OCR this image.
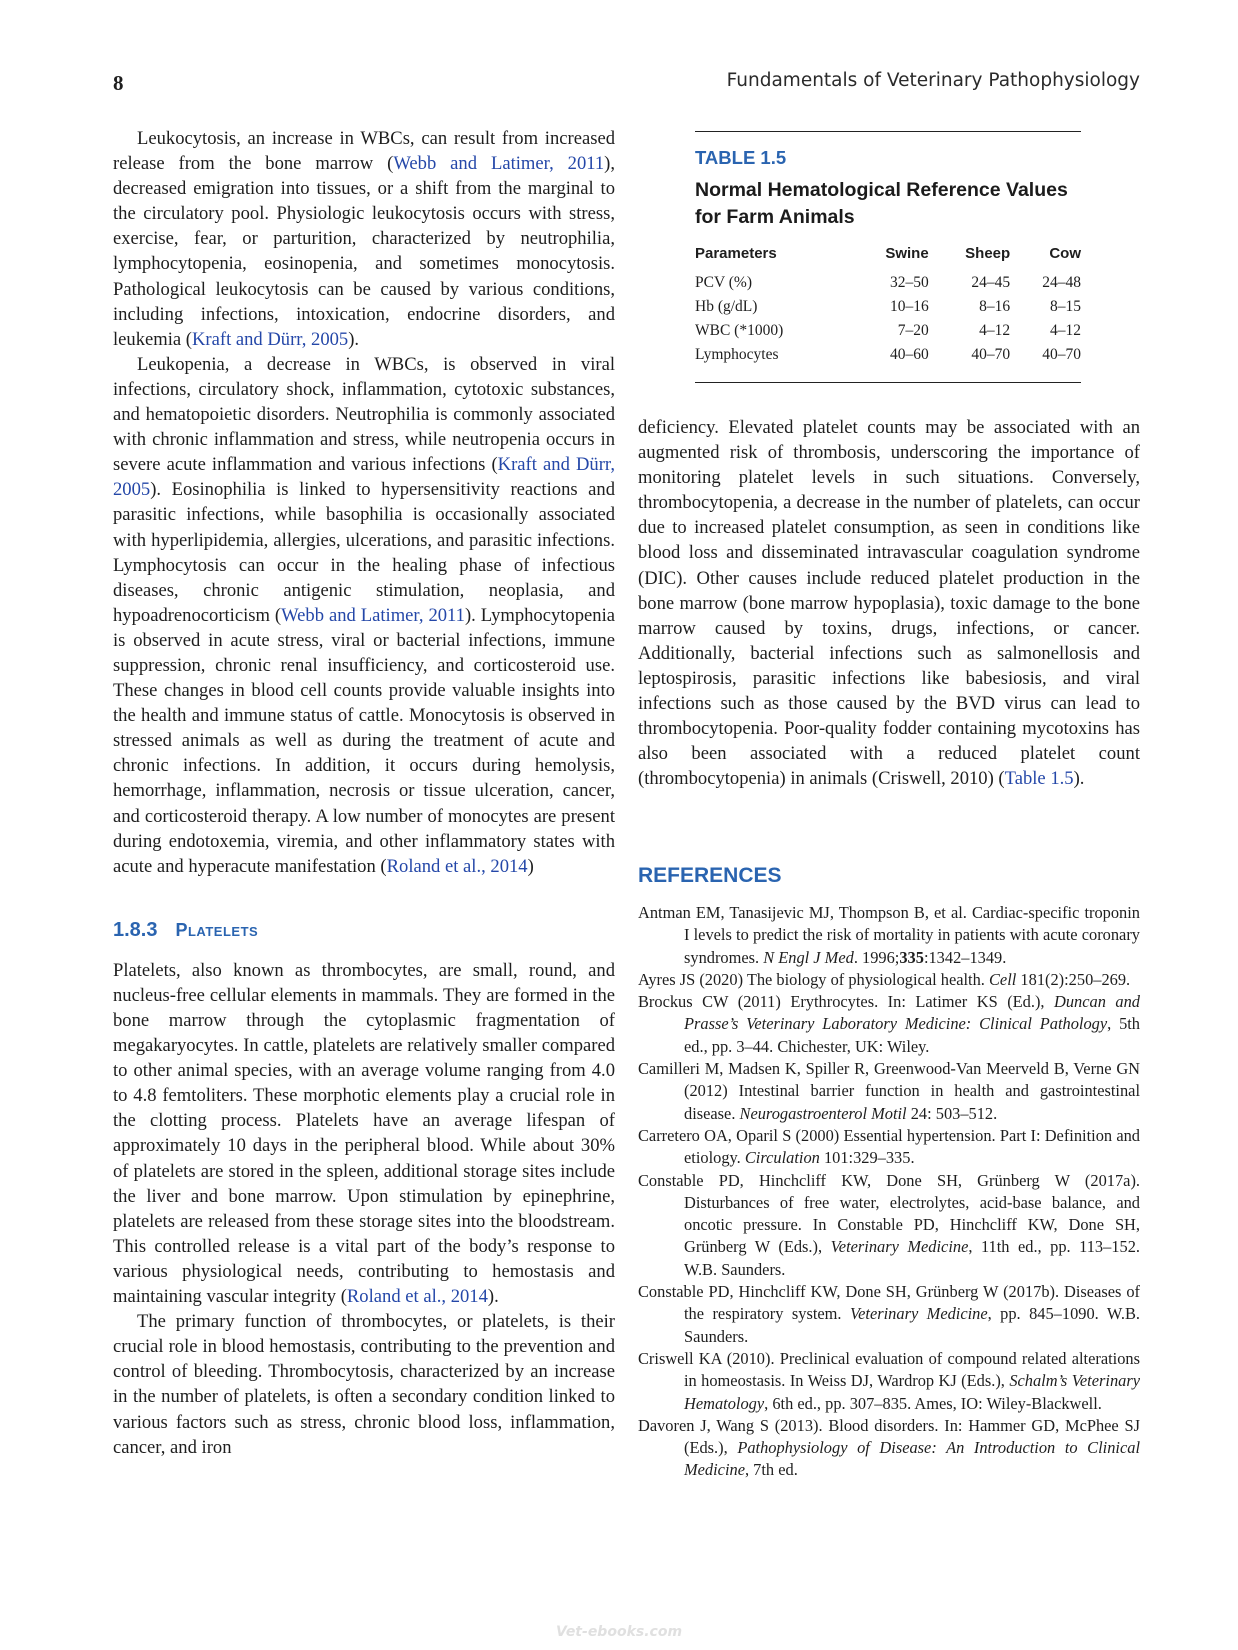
8	Fundamentals of Veterinary Pathophysiology

Leukocytosis, an increase in WBCs, can result from increased release from the bone marrow (Webb and Latimer, 2011), decreased emigration into tissues, or a shift from the marginal to the circulatory pool. Physiologic leukocytosis occurs with stress, exercise, fear, or parturition, characterized by neutrophilia, lymphocytopenia, eosinopenia, and sometimes monocytosis. Pathological leukocytosis can be caused by various conditions, including infections, intoxication, endocrine disorders, and leukemia (Kraft and Dürr, 2005).

Leukopenia, a decrease in WBCs, is observed in viral infections, circulatory shock, inflammation, cytotoxic substances, and hematopoietic disorders. Neutrophilia is commonly associated with chronic inflammation and stress, while neutropenia occurs in severe acute inflammation and various infections (Kraft and Dürr, 2005). Eosinophilia is linked to hypersensitivity reactions and parasitic infections, while basophilia is occasionally associated with hyperlipidemia, allergies, ulcerations, and parasitic infections. Lymphocytosis can occur in the healing phase of infectious diseases, chronic antigenic stimulation, neoplasia, and hypoadrenocorticism (Webb and Latimer, 2011). Lymphocytopenia is observed in acute stress, viral or bacterial infections, immune suppression, chronic renal insufficiency, and corticosteroid use. These changes in blood cell counts provide valuable insights into the health and immune status of cattle. Monocytosis is observed in stressed animals as well as during the treatment of acute and chronic infections. In addition, it occurs during hemolysis, hemorrhage, inflammation, necrosis or tissue ulceration, cancer, and corticosteroid therapy. A low number of monocytes are present during endotoxemia, viremia, and other inflammatory states with acute and hyperacute manifestation (Roland et al., 2014)

1.8.3 Platelets

Platelets, also known as thrombocytes, are small, round, and nucleus-free cellular elements in mammals. They are formed in the bone marrow through the cytoplasmic fragmentation of megakaryocytes. In cattle, platelets are relatively smaller compared to other animal species, with an average volume ranging from 4.0 to 4.8 femtoliters. These morphotic elements play a crucial role in the clotting process. Platelets have an average lifespan of approximately 10 days in the peripheral blood. While about 30% of platelets are stored in the spleen, additional storage sites include the liver and bone marrow. Upon stimulation by epinephrine, platelets are released from these storage sites into the bloodstream. This controlled release is a vital part of the body’s response to various physiological needs, contributing to hemostasis and maintaining vascular integrity (Roland et al., 2014).

The primary function of thrombocytes, or platelets, is their crucial role in blood hemostasis, contributing to the prevention and control of bleeding. Thrombocytosis, characterized by an increase in the number of platelets, is often a secondary condition linked to various factors such as stress, chronic blood loss, inflammation, cancer, and iron

TABLE 1.5
Normal Hematological Reference Values
for Farm Animals
Parameters	Swine	Sheep	Cow
PCV (%)	32–50	24–45	24–48
Hb (g/dL)	10–16	8–16	8–15
WBC (*1000)	7–20	4–12	4–12
Lymphocytes	40–60	40–70	40–70

deficiency. Elevated platelet counts may be associated with an augmented risk of thrombosis, underscoring the importance of monitoring platelet levels in such situations. Conversely, thrombocytopenia, a decrease in the number of platelets, can occur due to increased platelet consumption, as seen in conditions like blood loss and disseminated intravascular coagulation syndrome (DIC). Other causes include reduced platelet production in the bone marrow (bone marrow hypoplasia), toxic damage to the bone marrow caused by toxins, drugs, infections, or cancer. Additionally, bacterial infections such as salmonellosis and leptospirosis, parasitic infections like babesiosis, and viral infections such as those caused by the BVD virus can lead to thrombocytopenia. Poor-quality fodder containing mycotoxins has also been associated with a reduced platelet count (thrombocytopenia) in animals (Criswell, 2010) (Table 1.5).

REFERENCES
Antman EM, Tanasijevic MJ, Thompson B, et al. Cardiac-specific troponin I levels to predict the risk of mortality in patients with acute coronary syndromes. N Engl J Med. 1996;335:1342–1349.
Ayres JS (2020) The biology of physiological health. Cell 181(2):250–269.
Brockus CW (2011) Erythrocytes. In: Latimer KS (Ed.), Duncan and Prasse’s Veterinary Laboratory Medicine: Clinical Pathology, 5th ed., pp. 3–44. Chichester, UK: Wiley.
Camilleri M, Madsen K, Spiller R, Greenwood-Van Meerveld B, Verne GN (2012) Intestinal barrier function in health and gastrointestinal disease. Neurogastroenterol Motil 24: 503–512.
Carretero OA, Oparil S (2000) Essential hypertension. Part I: Definition and etiology. Circulation 101:329–335.
Constable PD, Hinchcliff KW, Done SH, Grünberg W (2017a). Disturbances of free water, electrolytes, acid-base balance, and oncotic pressure. In Constable PD, Hinchcliff KW, Done SH, Grünberg W (Eds.), Veterinary Medicine, 11th ed., pp. 113–152. W.B. Saunders.
Constable PD, Hinchcliff KW, Done SH, Grünberg W (2017b). Diseases of the respiratory system. Veterinary Medicine, pp. 845–1090. W.B. Saunders.
Criswell KA (2010). Preclinical evaluation of compound related alterations in homeostasis. In Weiss DJ, Wardrop KJ (Eds.), Schalm’s Veterinary Hematology, 6th ed., pp. 307–835. Ames, IO: Wiley-Blackwell.
Davoren J, Wang S (2013). Blood disorders. In: Hammer GD, McPhee SJ (Eds.), Pathophysiology of Disease: An Introduction to Clinical Medicine, 7th ed.
Vet-ebooks.com
